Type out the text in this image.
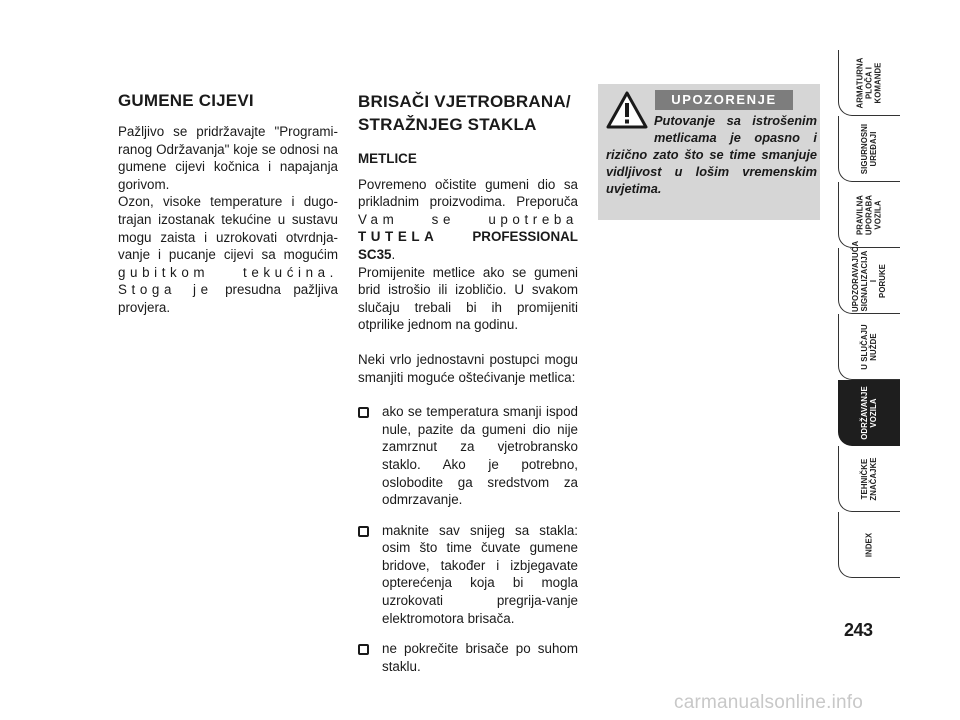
GUMENE CIJEVI

Pažljivo se pridržavajte "Programi-ranog Održavanja" koje se odnosi na gumene cijevi kočnica i napajanja gorivom.

Ozon, visoke temperature i dugo-trajan izostanak tekućine u sustavu mogu zaista i uzrokovati otvrdnja-vanje i pucanje cijevi sa mogućim gubitkom tekućina. Stoga je presudna pažljiva provjera.

BRISAČI VJETROBRANA/ STRAŽNJEG STAKLA
METLICE

Povremeno očistite gumeni dio sa prikladnim proizvodima. Preporuča Vam se upotreba TUTELA	PROFESSIONAL SC35.

Promijenite metlice ako se gumeni brid istrošio ili izobličio. U svakom slučaju trebali bi ih promijeniti otprilike jednom na godinu.

Neki vrlo jednostavni postupci mogu smanjiti moguće oštećivanje metlica:

ako se temperatura smanji ispod nule, pazite da gumeni dio nije zamrznut za vjetrobransko staklo. Ako je potrebno, oslobodite ga sredstvom za odmrzavanje.
maknite sav snijeg sa stakla: osim što time čuvate gumene bridove, također i izbjegavate opterećenja koja bi mogla uzrokovati pregrija-vanje elektromotora brisača.
ne pokrečite brisače po suhom staklu.
UPOZORENJE
Putovanje sa istrošenim metlicama je opasno i rizično zato što se time smanjuje vidljivost u lošim vremenskim uvjetima.
ARMATURNA
PLOČA I
KOMANDE
SIGURNOSNI
UREĐAJI
PRAVILNA
UPORABA
VOZILA
UPOZORAVAJUĆA
SIGNALIZACIJA I
PORUKE
U SLUČAJU
NUŽDE
ODRŽAVANJE
VOZILA
TEHNIČKE
ZNAČAJKE
INDEX
243
carmanualsonline.info
